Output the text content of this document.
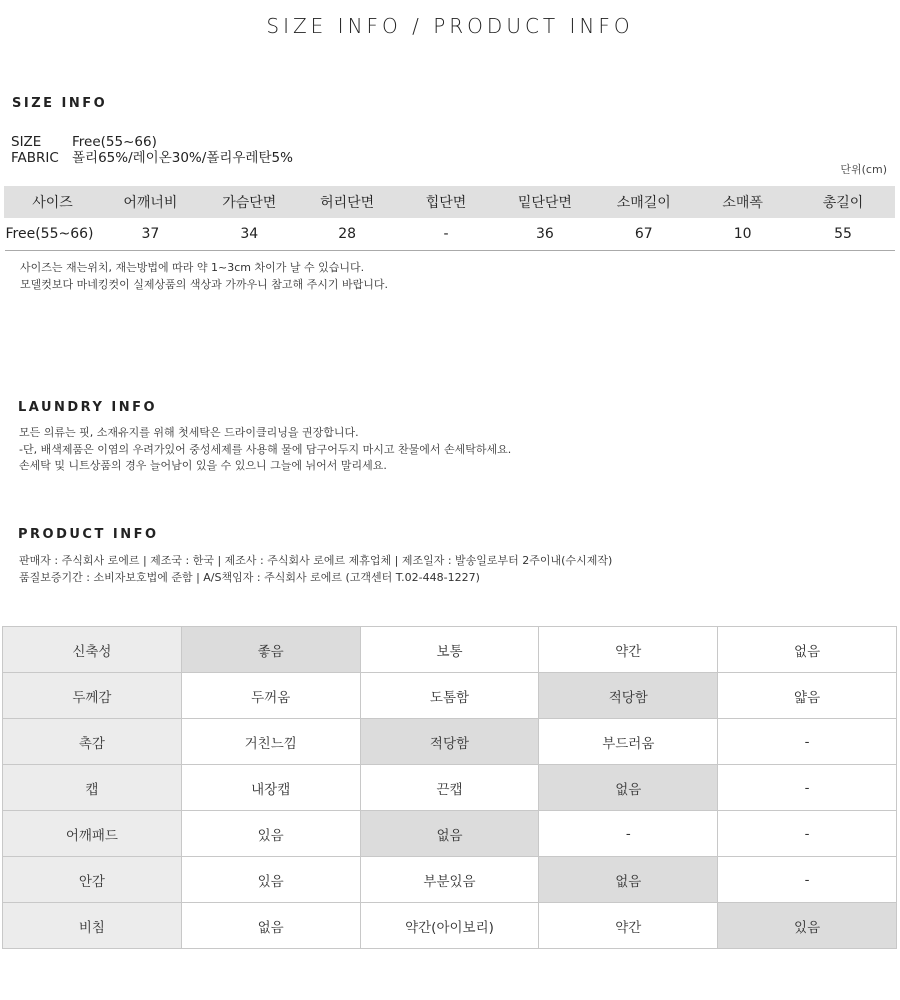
SIZE INFO / PRODUCT INFO
SIZE INFO
SIZE	Free(55~66)
FABRIC 폴리65%/레이온30%/폴리우레탄5%
단위(cm)
사이즈	어깨너비	가슴단면	허리단면	힙단면	밑단단면	소매길이	소매폭	총길이
Free(55~66)	37	34	28	-	36	67	10	55
사이즈는 재는위치, 재는방법에 따라 약 1~3cm 차이가 날 수 있습니다.
모델컷보다 마네킹컷이 실제상품의 색상과 가까우니 참고해 주시기 바랍니다.
LAUNDRY INFO
모든 의류는 핏, 소재유지를 위해 첫세탁은 드라이클리닝을 권장합니다.
-단, 배색제품은 이염의 우려가있어 중성세제를 사용해 물에 담구어두지 마시고 찬물에서 손세탁하세요.
손세탁 및 니트상품의 경우 늘어남이 있을 수 있으니 그늘에 뉘어서 말리세요.
PRODUCT INFO
판매자 : 주식회사 로에르 | 제조국 : 한국 | 제조사 : 주식회사 로에르 제휴업체 | 제조일자 : 발송일로부터 2주이내(수시제작)
품질보증기간 : 소비자보호법에 준함 | A/S책임자 : 주식회사 로에르 (고객센터 T.02-448-1227)
신축성	좋음	보통	약간	없음
두께감	두꺼움	도톰함	적당함	얇음
촉감	거친느낌	적당함	부드러움	-
캡	내장캡	끈캡	없음	-
어깨패드	있음	없음	-	-
안감	있음	부분있음	없음	-
비침	없음	약간(아이보리)	약간	있음
